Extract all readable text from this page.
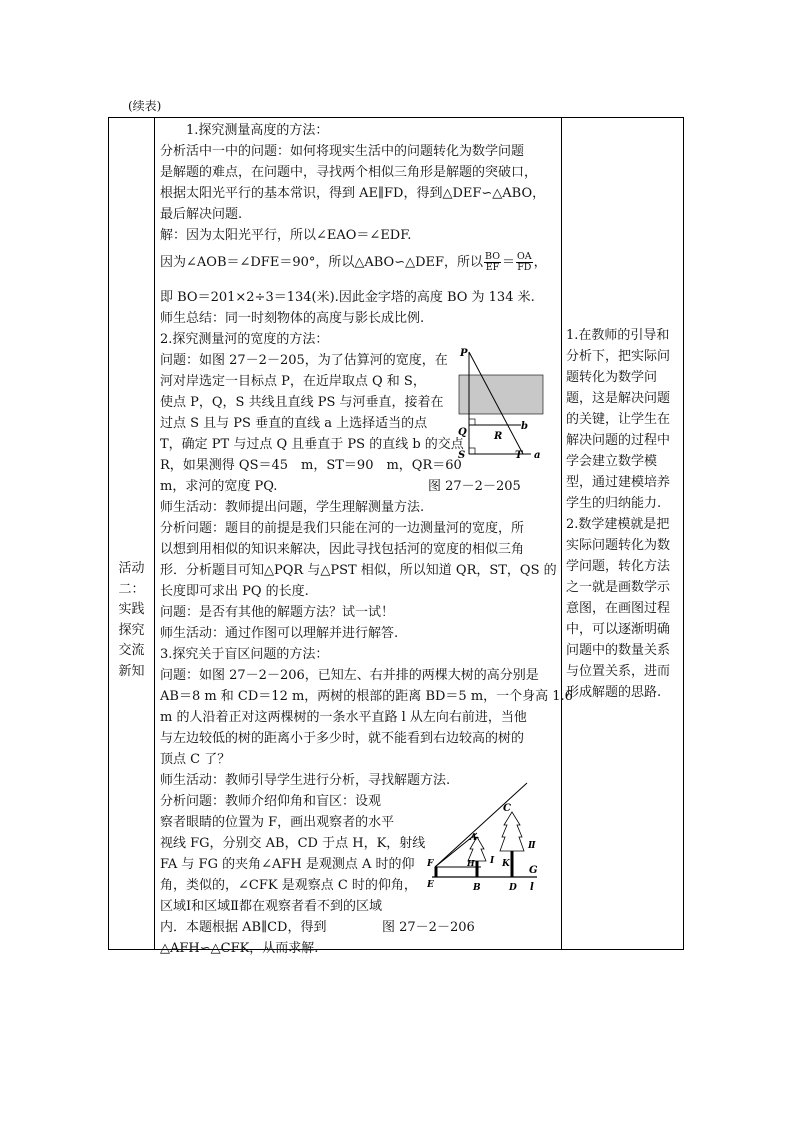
(续表)
活动
二：
实践
探究
交流
新知
1.探究测量高度的方法：
分析活中一中的问题：如何将现实生活中的问题转化为数学问题
是解题的难点，在问题中，寻找两个相似三角形是解题的突破口，
根据太阳光平行的基本常识，得到 AE∥FD，得到△DEF∽△ABO，
最后解决问题.
解：因为太阳光平行，所以∠EAO＝∠EDF.
因为∠AOB＝∠DFE＝90°，所以△ABO∽△DEF，所以 $\frac{BO}{EF} = \frac{OA}{FD}$ ，
即 BO＝201×2÷3＝134(米).因此金字塔的高度 BO 为 134 米.
师生总结：同一时刻物体的高度与影长成比例.
2.探究测量河的宽度的方法：
问题：如图 27－2－205，为了估算河的宽度，在
河对岸选定一目标点 P，在近岸取点 Q 和 S，
使点 P，Q，S 共线且直线 PS 与河垂直，接着在
过点 S 且与 PS 垂直的直线 a 上选择适当的点
T，确定 PT 与过点 Q 且垂直于 PS 的直线 b 的交点
R，如果测得 QS＝45　m，ST＝90　m，QR＝60
m，求河的宽度 PQ.	图 27－2－205
师生活动：教师提出问题，学生理解测量方法.
分析问题：题目的前提是我们只能在河的一边测量河的宽度，所
以想到用相似的知识来解决，因此寻找包括河的宽度的相似三角
形．分析题目可知△PQR 与△PST 相似，所以知道 QR，ST，QS 的
长度即可求出 PQ 的长度.
问题：是否有其他的解题方法？试一试！
师生活动：通过作图可以理解并进行解答.
3.探究关于盲区问题的方法：
问题：如图 27－2－206，已知左、右并排的两棵大树的高分别是
AB＝8 m 和 CD＝12 m，两树的根部的距离 BD＝5 m，一个身高 1.6
m 的人沿着正对这两棵树的一条水平直路 l 从左向右前进，当他
与左边较低的树的距离小于多少时，就不能看到右边较高的树的
顶点 C 了？
师生活动：教师引导学生进行分析，寻找解题方法.
分析问题：教师介绍仰角和盲区：设观
察者眼睛的位置为 F，画出观察者的水平
视线 FG，分别交 AB，CD 于点 H，K，射线
FA 与 FG 的夹角∠AFH 是观测点 A 时的仰
角，类似的，∠CFK 是观察点 C 时的仰角，
区域Ⅰ和区域Ⅱ都在观察者看不到的区域
内．本题根据 AB∥CD，得到	图 27－2－206
△AFH∽△CFK，从而求解.
1.在教师的引导和分析下，把实际问题转化为数学问题，这是解决问题的关键，让学生在解决问题的过程中学会建立数学模型，通过建模培养学生的归纳能力.
2.数学建模就是把实际问题转化为数学问题，转化方法之一就是画数学示意图，在画图过程中，可以逐渐明确问题中的数量关系与位置关系，进而形成解题的思路.
P
Q
S
R
T
b
a
C
A
Ⅱ
Ⅰ
F	H	K
G
E	B	D l
